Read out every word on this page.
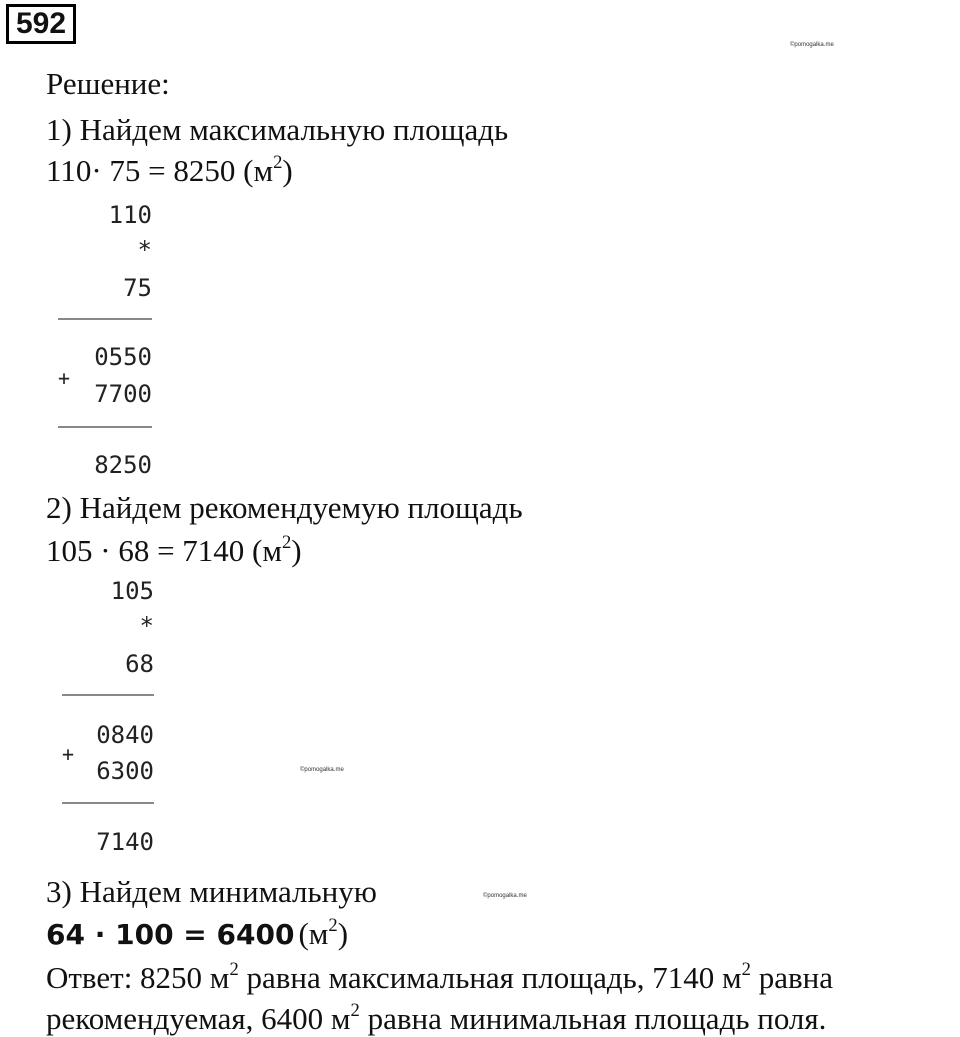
592
©pomogalka.me
Решение:
1) Найдем максимальную площадь
110· 75 = 8250 $(м^2)$
110
*
75
0550
+
7700
8250
2) Найдем рекомендуемую площадь
105 · 68 = 7140 $(м^2)$
105
*
68
0840
+
6300
7140
©pomogalka.me
3) Найдем минимальную	©pomogalka.me
64 · 100 = 6400 $(м^2)$
Ответ: 8250 $м^2$ равна максимальная площадь, 7140 $м^2$ равна
рекомендуемая, 6400 $м^2$ равна минимальная площадь поля.
